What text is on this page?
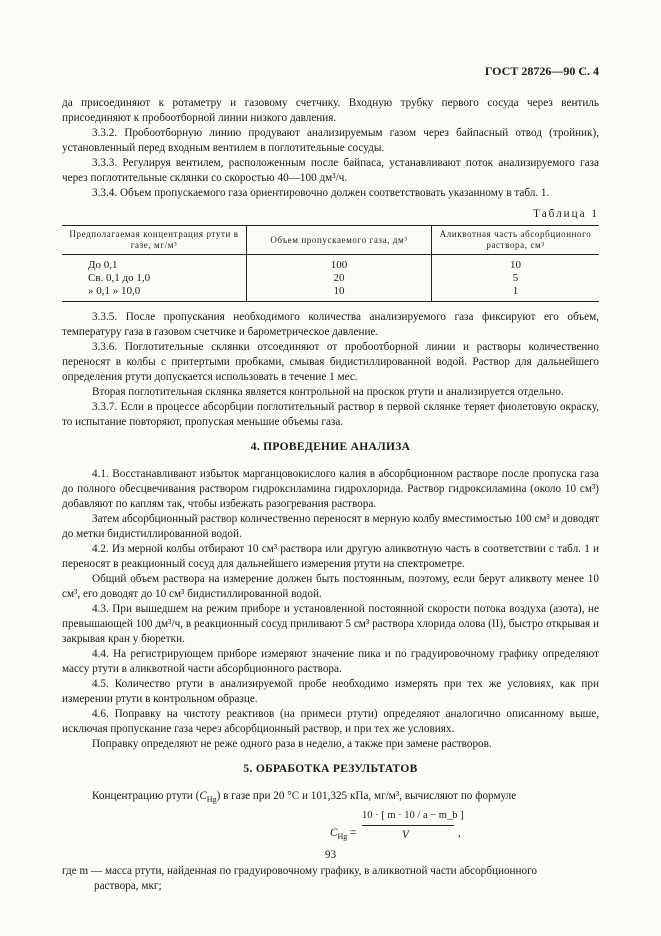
ГОСТ 28726—90 С. 4

да присоединяют к ротаметру и газовому счетчику. Входную трубку первого сосуда через вентиль присоединяют к пробоотборной линии низкого давления.

3.3.2. Пробоотборную линию продувают анализируемым газом через байпасный отвод (тройник), установленный перед входным вентилем в поглотительные сосуды.

3.3.3. Регулируя вентилем, расположенным после байпаса, устанавливают поток анализируемого газа через поглотительные склянки со скоростью 40—100 дм³/ч.

3.3.4. Объем пропускаемого газа ориентировочно должен соответствовать указанному в табл. 1.

Таблица 1
Предполагаемая концентрация ртути в газе, мг/м³	Объем пропускаемого газа, дм³	Аликвотная часть абсорбционного раствора, см³
До 0,1	100	10
Св. 0,1 до 1,0	20	5
» 0,1 » 10,0	10	1

3.3.5. После пропускания необходимого количества анализируемого газа фиксируют его объем, температуру газа в газовом счетчике и барометрическое давление.

3.3.6. Поглотительные склянки отсоединяют от пробоотборной линии и растворы количественно переносят в колбы с притертыми пробками, смывая бидистиллированной водой. Раствор для дальнейшего определения ртути допускается использовать в течение 1 мес.

Вторая поглотительная склянка является контрольной на проскок ртути и анализируется отдельно.

3.3.7. Если в процессе абсорбции поглотительный раствор в первой склянке теряет фиолетовую окраску, то испытание повторяют, пропуская меньшие объемы газа.

4. ПРОВЕДЕНИЕ АНАЛИЗА

4.1. Восстанавливают избыток марганцовокислого калия в абсорбционном растворе после пропуска газа до полного обесцвечивания раствором гидроксиламина гидрохлорида. Раствор гидроксиламина (около 10 см³) добавляют по каплям так, чтобы избежать разогревания раствора.

Затем абсорбционный раствор количественно переносят в мерную колбу вместимостью 100 см³ и доводят до метки бидистиллированной водой.

4.2. Из мерной колбы отбирают 10 см³ раствора или другую аликвотную часть в соответствии с табл. 1 и переносят в реакционный сосуд для дальнейшего измерения ртути на спектрометре.

Общий объем раствора на измерение должен быть постоянным, поэтому, если берут аликвоту менее 10 см³, его доводят до 10 см³ бидистиллированной водой.

4.3. При вышедшем на режим приборе и установленной постоянной скорости потока воздуха (азота), не превышающей 100 дм³/ч, в реакционный сосуд приливают 5 см³ раствора хлорида олова (II), быстро открывая и закрывая кран у бюретки.

4.4. На регистрирующем приборе измеряют значение пика и по градуировочному графику определяют массу ртути в аликвотной части абсорбционного раствора.

4.5. Количество ртути в анализируемой пробе необходимо измерять при тех же условиях, как при измерении ртути в контрольном образце.

4.6. Поправку на чистоту реактивов (на примеси ртути) определяют аналогично описанному выше, исключая пропускание газа через абсорбционный раствор, и при тех же условиях.

Поправку определяют не реже одного раза в неделю, а также при замене растворов.

5. ОБРАБОТКА РЕЗУЛЬТАТОВ

Концентрацию ртути $(C_{Hg})$ в газе при 20 °С и 101,325 кПа, мг/м³, вычисляют по формуле

$C_{Hg}$ =
10 · [ m · 10 / a − m_b ]
V	,

где m — масса ртути, найденная по градуировочному графику, в аликвотной части абсорбционного

раствора, мкг;

93
